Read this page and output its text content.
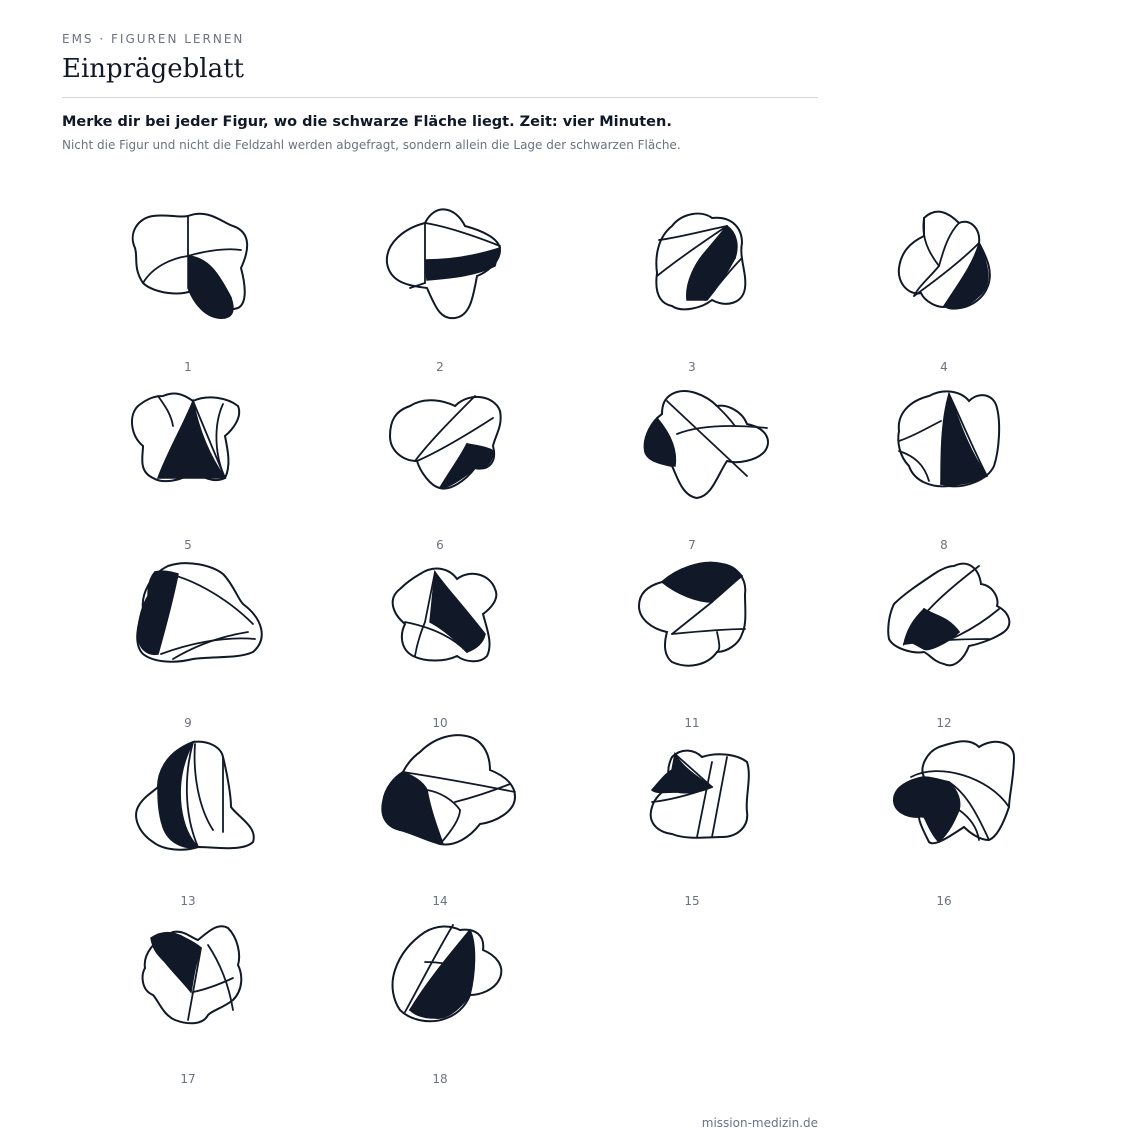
EMS · FIGUREN LERNEN
Einprägeblatt
Merke dir bei jeder Figur, wo die schwarze Fläche liegt. Zeit: vier Minuten.
Nicht die Figur und nicht die Feldzahl werden abgefragt, sondern allein die Lage der schwarzen Fläche.
1	2	3	4
5	6	7	8
9	10	11	12
13	14	15	16
17	18
mission-medizin.de
